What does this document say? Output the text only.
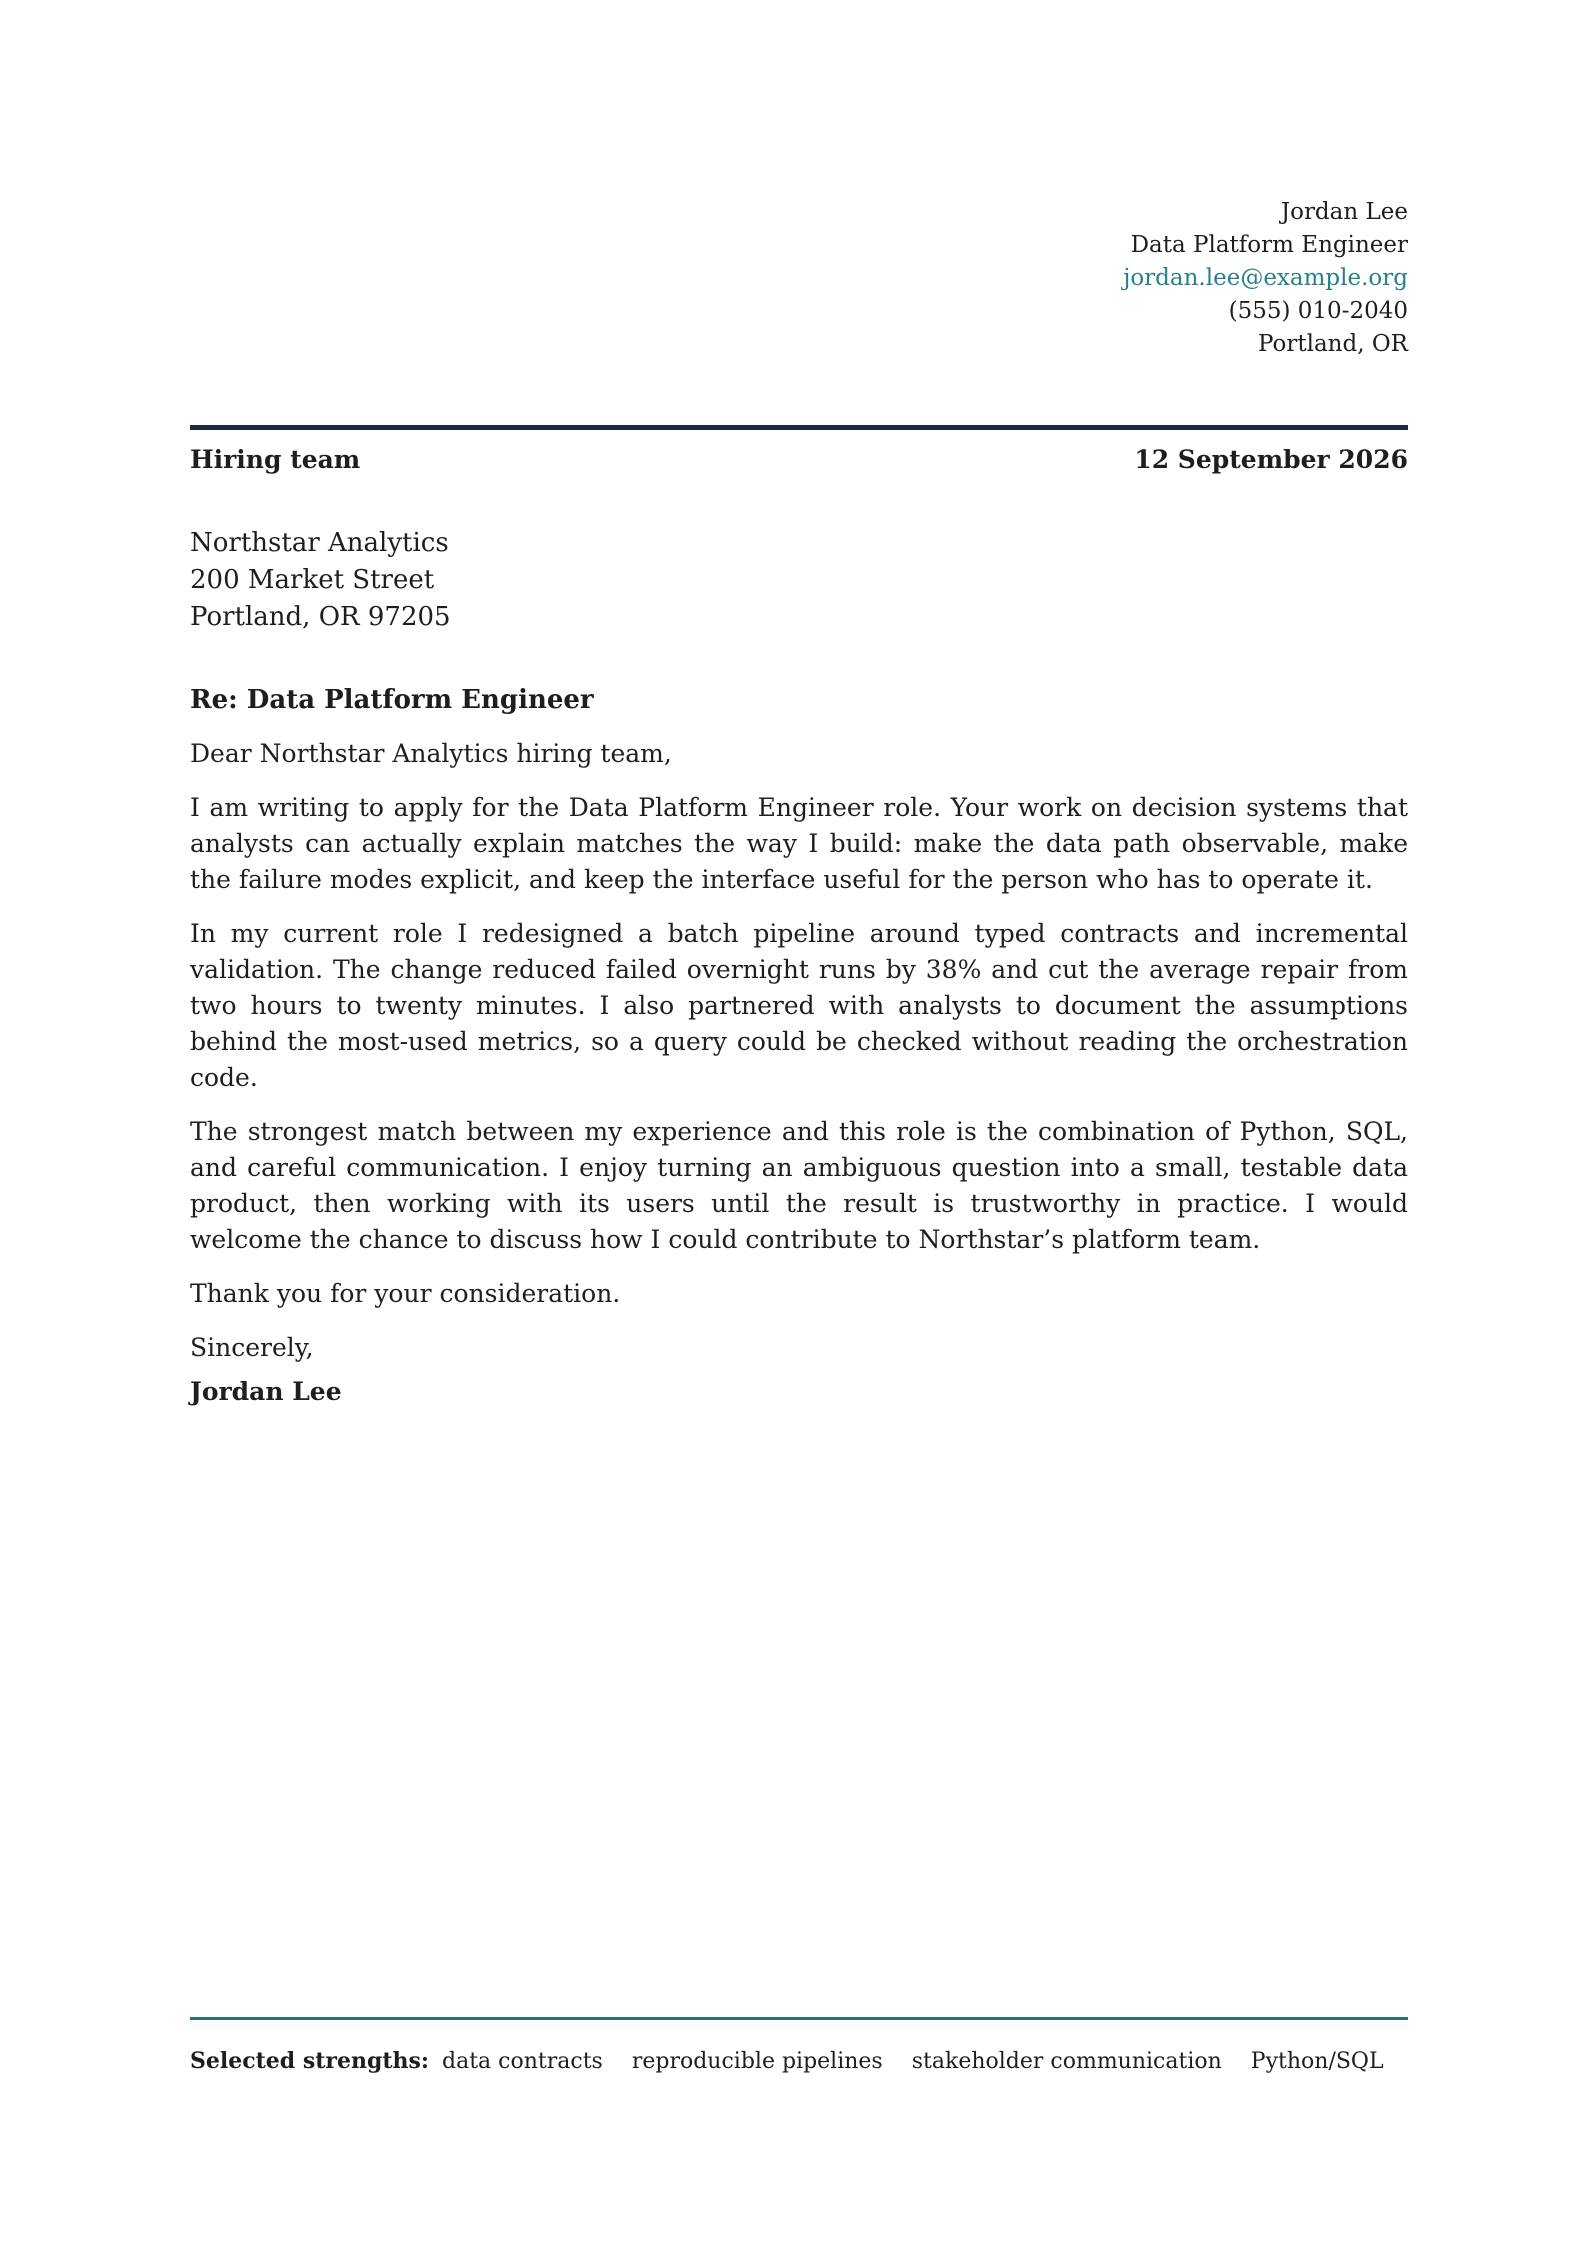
Jordan Lee
Data Platform Engineer
jordan.lee@example.org
(555) 010-2040
Portland, OR
Hiring team	12 September 2026
Northstar Analytics
200 Market Street
Portland, OR 97205
Re: Data Platform Engineer

Dear Northstar Analytics hiring team,

I am writing to apply for the Data Platform Engineer role. Your work on decision systems that analysts can actually explain matches the way I build: make the data path observable, make the failure modes explicit, and keep the interface useful for the person who has to operate it.

In my current role I redesigned a batch pipeline around typed contracts and incremental validation. The change reduced failed overnight runs by 38% and cut the average repair from two hours to twenty minutes. I also partnered with analysts to document the assumptions behind the most-used metrics, so a query could be checked without reading the orchestration code.

The strongest match between my experience and this role is the combination of Python, SQL, and careful communication. I enjoy turning an ambiguous question into a small, testable data product, then working with its users until the result is trustworthy in practice. I would welcome the chance to discuss how I could contribute to Northstar’s platform team.

Thank you for your consideration.

Sincerely,

Jordan Lee

Selected strengths: data contracts reproducible pipelines stakeholder communication Python/SQL
